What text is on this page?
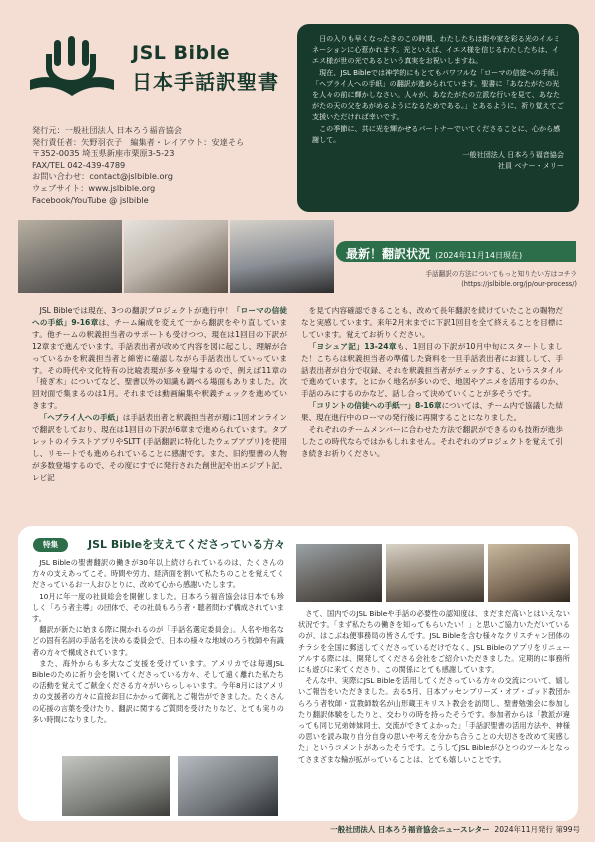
JSL Bible
日本手話訳聖書
発行元：一般社団法人 日本ろう福音協会
発行責任者：矢野羽衣子　編集者・レイアウト：安達そら
〒352-0035 埼玉県新座市栗原3-5-23
FAX/TEL 042-439-4789
お問い合わせ：contact@jslbible.org
ウェブサイト：www.jslbible.org
Facebook/YouTube @ jslbible

日の入りも早くなったきのこの時期、わたしたちは街や家を彩る光のイルミネーションに心惹かれます。光といえば、イエス様を信じるわたしたちは、イエス様が世の光であるという真実をお祝いしますね。

現在、JSL Bibleでは神学的にもとてもパワフルな「ローマの信徒への手紙」「ヘブライ人への手紙」の翻訳が進められています。聖書に「あなたがたの光を人々の前に輝かしなさい。人々が、あなたがたの立派な行いを見て、あなたがたの天の父をあがめるようになるためである。」とあるように、祈り覚えてご支援いただければ幸いです。

この季節に、共に光を輝かせるパートナーでいてくださることに、心から感謝して。

一般社団法人 日本ろう福音協会
社員 ベナー・メリー
最新！翻訳状況 (2024年11月14日現在)
手話翻訳の方法についてもっと知りたい方はコチラ
(https://jslbible.org/jp/our-process/)

JSL Bibleでは現在、3つの翻訳プロジェクトが進行中！「ローマの信徒への手紙」9-16章は、チーム編成を変えて一から翻訳をやり直しています。他チームの釈義担当者のサポートも受けつつ、現在は1回目の下訳が12章まで進んでいます。手話表出者が改めて内容を図に起こし、理解が合っているかを釈義担当者と綿密に確認しながら手話表出していっています。その時代や文化特有の比喩表現が多々登場するので、例えば11章の「接ぎ木」についてなど、聖書以外の知識も調べる場面もありました。次回対面で集まるのは1月。それまでは動画編集や釈義チェックを進めていきます。

「ヘブライ人への手紙」は手話表出者と釈義担当者が週に1回オンラインで翻訳をしており、現在は1回目の下訳が6章まで進められています。タブレットのイラストアプリやSLTT (手話翻訳に特化したウェブアプリ)を使用し、リモートでも進められていることに感謝です。また、旧約聖書の人物が多数登場するので、その度にすでに発行された創世記や出エジプト記、レビ記

を見て内容確認できることも、改めて長年翻訳を続けていたことの賜物だなと実感しています。来年2月末までに下訳1回目を全て終えることを目標にしています。覚えてお祈りください。

「ヨシュア記」13-24章も、1回目の下訳が10月中旬にスタートしました！こちらは釈義担当者の準備した資料を一旦手話表出者にお渡しして、手話表出者が自分で収録、それを釈義担当者がチェックする、というスタイルで進めています。とにかく地名が多いので、地図やアニメを活用するのか、手話のみにするのかなど、話し合って決めていくことが多そうです。

「コリントの信徒への手紙一」8-16章については、チーム内で協議した結果、現在進行中のローマの発行後に再開することになりました。

それぞれのチームメンバーに合わせた方法で翻訳ができるのも技術が進歩したこの時代ならではかもしれません。それぞれのプロジェクトを覚えて引き続きお祈りください。

特集	JSL Bibleを支えてくださっている方々

JSL Bibleの聖書翻訳の働きが30年以上続けられているのは、たくさんの方々の支えあってこそ。時間や労力、経済面を割いて私たちのことを覚えてくださっているお一人おひとりに、改めて心から感謝いたします。

10月に年一度の社員総会を開催しました。日本ろう福音協会は日本でも珍しく「ろう者主導」の団体で、その社員もろう者・聴者問わず構成されています。

翻訳が新たに始まる際に開かれるのが「手話名選定委員会」。人名や地名などの固有名詞の手話名を決める委員会で、日本の様々な地域のろう牧師や有識者の方々で構成されています。

また、海外からも多大なご支援を受けています。アメリカでは毎週JSL Bibleのために祈り会を開いてくださっている方々、そして遠く離れた私たちの活動を覚えてご献金くださる方々がいらっしゃいます。今年8月にはアメリカの支援者の方々に直接お目にかかって御礼とご報告ができました。たくさんの応援の言葉を受けたり、翻訳に関するご質問を受けたりなど、とても実りの多い時間になりました。

さて、国内でのJSL Bibleや手話の必要性の認知度は、まだまだ高いとはいえない状況です。「まず私たちの働きを知ってもらいたい！」と思いご協力いただいているのが、はこぶね便事務局の皆さんです。JSL Bibleを含む様々なクリスチャン団体のチラシを全国に郵送してくださっているだけでなく、JSL Bibleのアプリをリニューアルする際には、開発してくださる会社をご紹介いただきました。定期的に事務所にも遊びに来てくださり、この関係にとても感謝しています。

そんな中、実際にJSL Bibleを活用してくださっている方々の交流について、嬉しいご報告をいただきました。去る5月、日本アッセンブリーズ・オブ・ゴッド教団からろう者牧師・宣教師数名が山形蔵王キリスト教会を訪問し、聖書勉強会に参加したり翻訳体験をしたりと、交わりの時を持ったそうです。参加者からは「教派が違っても同じ兄弟姉妹同士、交流ができてよかった」「手話訳聖書の活用方法や、神様の思いを読み取り自分自身の思いや考えを分かち合うことの大切さを改めて実感した」というコメントがあったそうです。こうしてJSL Bibleがひとつのツールとなってさまざまな輪が拡がっていることは、とても嬉しいことです。

一般社団法人 日本ろう福音協会ニュースレター 2024年11月発行 第99号
